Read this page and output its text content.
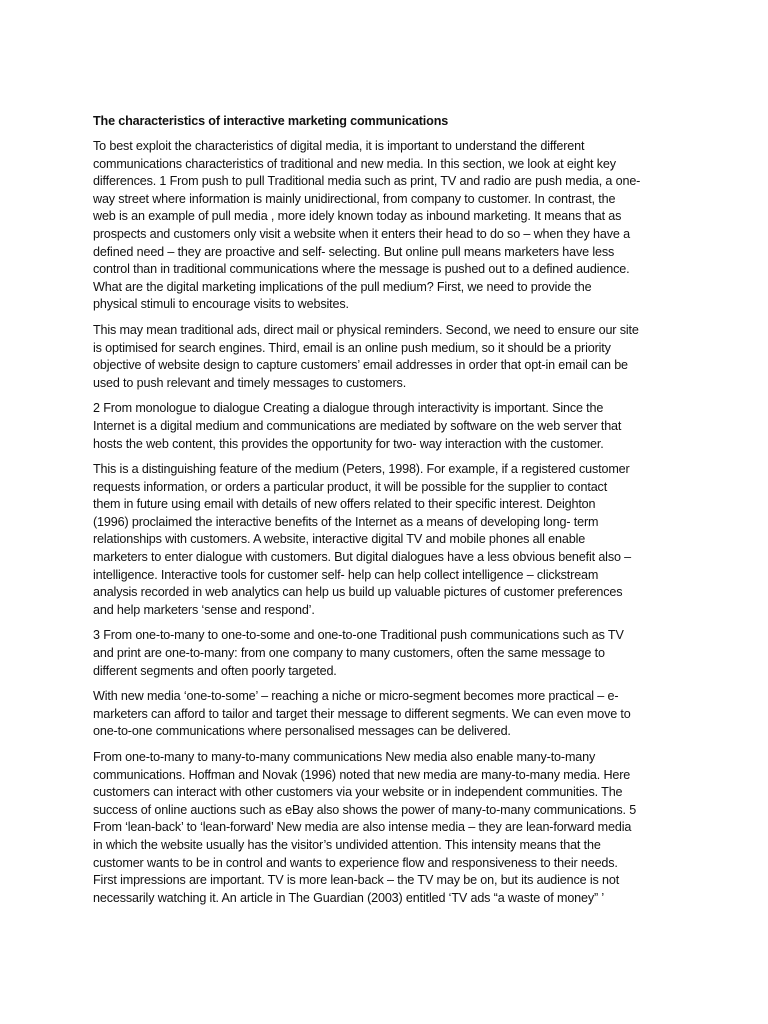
The characteristics of interactive marketing communications
To best exploit the characteristics of digital media, it is important to understand the different
communications characteristics of traditional and new media. In this section, we look at eight key
differences. 1 From push to pull Traditional media such as print, TV and radio are push media, a one-
way street where information is mainly unidirectional, from company to customer. In contrast, the
web is an example of pull media , more idely known today as inbound marketing. It means that as
prospects and customers only visit a website when it enters their head to do so – when they have a
defined need – they are proactive and self- selecting. But online pull means marketers have less
control than in traditional communications where the message is pushed out to a defined audience.
What are the digital marketing implications of the pull medium? First, we need to provide the
physical stimuli to encourage visits to websites.
This may mean traditional ads, direct mail or physical reminders. Second, we need to ensure our site
is optimised for search engines. Third, email is an online push medium, so it should be a priority
objective of website design to capture customers’ email addresses in order that opt-in email can be
used to push relevant and timely messages to customers.
2 From monologue to dialogue Creating a dialogue through interactivity is important. Since the
Internet is a digital medium and communications are mediated by software on the web server that
hosts the web content, this provides the opportunity for two- way interaction with the customer.
This is a distinguishing feature of the medium (Peters, 1998). For example, if a registered customer
requests information, or orders a particular product, it will be possible for the supplier to contact
them in future using email with details of new offers related to their specific interest. Deighton
(1996) proclaimed the interactive benefits of the Internet as a means of developing long- term
relationships with customers. A website, interactive digital TV and mobile phones all enable
marketers to enter dialogue with customers. But digital dialogues have a less obvious benefit also –
intelligence. Interactive tools for customer self- help can help collect intelligence – clickstream
analysis recorded in web analytics can help us build up valuable pictures of customer preferences
and help marketers ‘sense and respond’.
3 From one-to-many to one-to-some and one-to-one Traditional push communications such as TV
and print are one-to-many: from one company to many customers, often the same message to
different segments and often poorly targeted.
With new media ‘one-to-some’ – reaching a niche or micro-segment becomes more practical – e-
marketers can afford to tailor and target their message to different segments. We can even move to
one-to-one communications where personalised messages can be delivered.
From one-to-many to many-to-many communications New media also enable many-to-many
communications. Hoffman and Novak (1996) noted that new media are many-to-many media. Here
customers can interact with other customers via your website or in independent communities. The
success of online auctions such as eBay also shows the power of many-to-many communications. 5
From ‘lean-back’ to ‘lean-forward’ New media are also intense media – they are lean-forward media
in which the website usually has the visitor’s undivided attention. This intensity means that the
customer wants to be in control and wants to experience flow and responsiveness to their needs.
First impressions are important. TV is more lean-back – the TV may be on, but its audience is not
necessarily watching it. An article in The Guardian (2003) entitled ‘TV ads “a waste of money” ’
